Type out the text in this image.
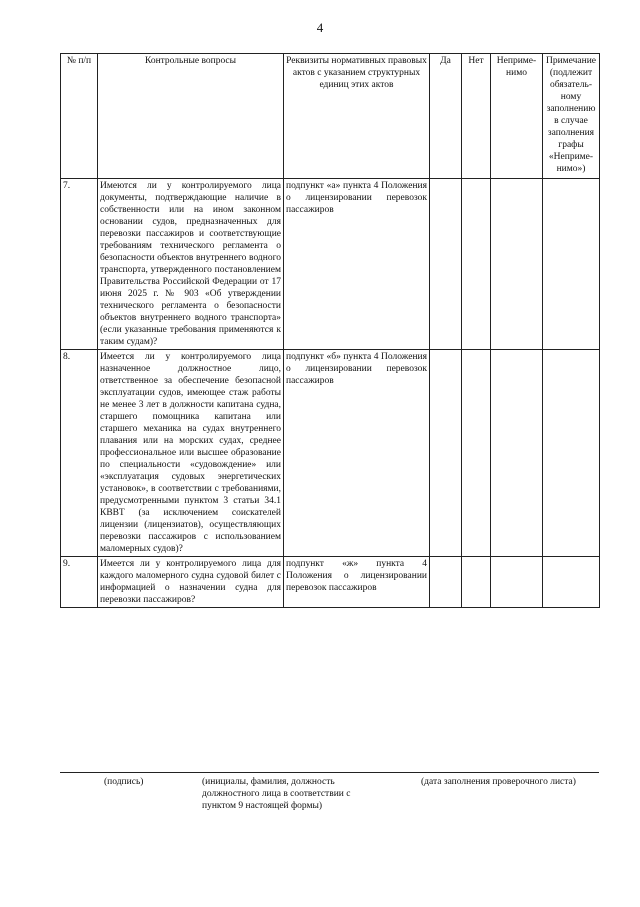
4
№ п/п	Контрольные вопросы	Реквизиты нормативных правовых актов с указанием структурных единиц этих актов	Да	Нет	Неприме-нимо	Примечание (подлежит обязатель-ному заполнению в случае заполнения графы «Неприме-нимо»)
7.	Имеются ли у контролируемого лица документы, подтверждающие наличие в собственности или на ином законном основании судов, предназначенных для перевозки пассажиров и соответствующие требованиям технического регламента о безопасности объектов внутреннего водного транспорта, утвержденного постановлением Правительства Российской Федерации от 17 июня 2025 г. № 903 «Об утверждении технического регламента о безопасности объектов внутреннего водного транспорта» (если указанные требования применяются к таким судам)?	подпункт «а» пункта 4 Положения о лицензировании перевозок пассажиров				
8.	Имеется ли у контролируемого лица назначенное должностное лицо, ответственное за обеспечение безопасной эксплуатации судов, имеющее стаж работы не менее 3 лет в должности капитана судна, старшего помощника капитана или старшего механика на судах внутреннего плавания или на морских судах, среднее профессиональное или высшее образование по специальности «судовождение» или «эксплуатация судовых энергетических установок», в соответствии с требованиями, предусмотренными пунктом 3 статьи 34.1 КВВТ (за исключением соискателей лицензии (лицензиатов), осуществляющих перевозки пассажиров с использованием маломерных судов)?	подпункт «б» пункта 4 Положения о лицензировании перевозок пассажиров				
9.	Имеется ли у контролируемого лица для каждого маломерного судна судовой билет с информацией о назначении судна для перевозки пассажиров?	подпункт «ж» пункта 4 Положения о лицензировании перевозок пассажиров				
(подпись)	(инициалы, фамилия, должность должностного лица в соответствии с пунктом 9 настоящей формы)
(дата заполнения проверочного листа)
